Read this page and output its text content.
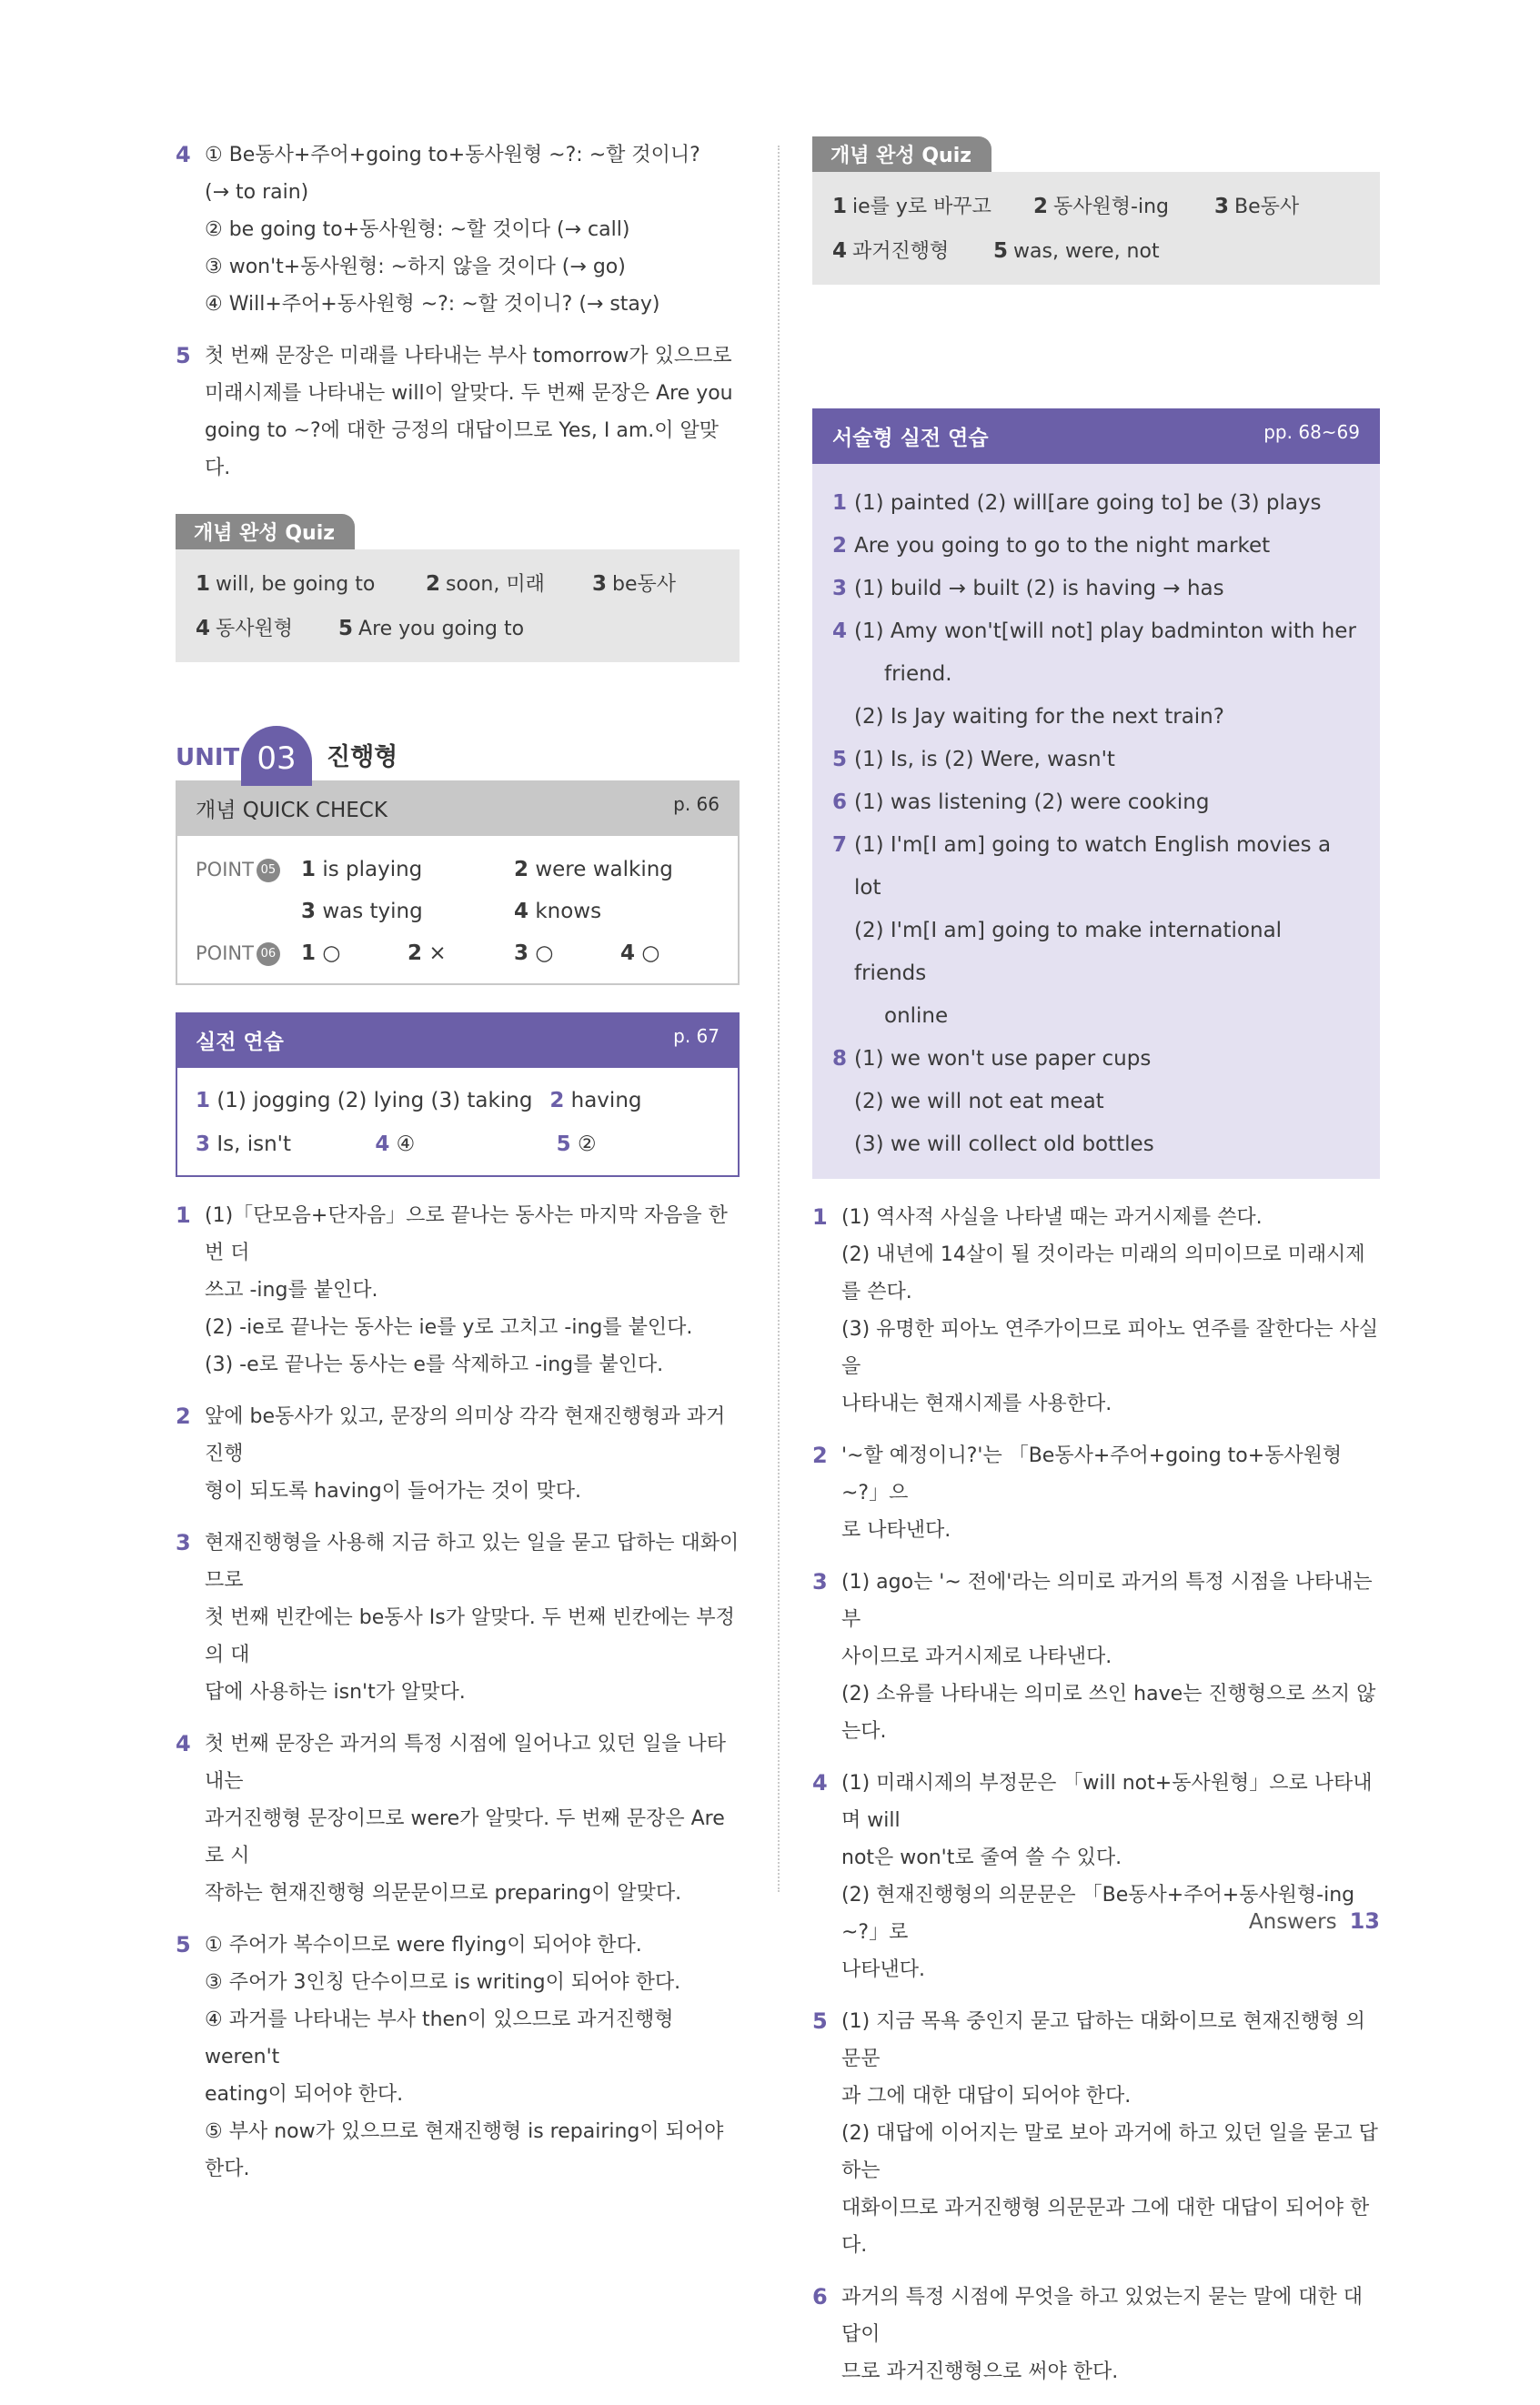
4 ① Be동사+주어+going to+동사원형 ~?: ~할 것이니?
(→ to rain)
② be going to+동사원형: ~할 것이다 (→ call)
③ won't+동사원형: ~하지 않을 것이다 (→ go)
④ Will+주어+동사원형 ~?: ~할 것이니? (→ stay)
5 첫 번째 문장은 미래를 나타내는 부사 tomorrow가 있으므로
미래시제를 나타내는 will이 알맞다. 두 번째 문장은 Are you
going to ~?에 대한 긍정의 대답이므로 Yes, I am.이 알맞다.
개념 완성 Quiz
1 will, be going to 2 soon, 미래 3 be동사
4 동사원형 5 Are you going to
UNIT 03	진행형
개념 QUICK CHECK	p. 66
POINT 05	1 is playing	2 were walking
3 was tying	4 knows
POINT 06	1 ○	2 ×	3 ○	4 ○
실전 연습	p. 67
1 (1) jogging (2) lying (3) taking 2 having
3 Is, isn't	4 ④	5 ②
1 (1)「단모음+단자음」으로 끝나는 동사는 마지막 자음을 한 번 더
쓰고 -ing를 붙인다.
(2) -ie로 끝나는 동사는 ie를 y로 고치고 -ing를 붙인다.
(3) -e로 끝나는 동사는 e를 삭제하고 -ing를 붙인다.
2 앞에 be동사가 있고, 문장의 의미상 각각 현재진행형과 과거진행
형이 되도록 having이 들어가는 것이 맞다.
3 현재진행형을 사용해 지금 하고 있는 일을 묻고 답하는 대화이므로
첫 번째 빈칸에는 be동사 Is가 알맞다. 두 번째 빈칸에는 부정의 대
답에 사용하는 isn't가 알맞다.
4 첫 번째 문장은 과거의 특정 시점에 일어나고 있던 일을 나타내는
과거진행형 문장이므로 were가 알맞다. 두 번째 문장은 Are로 시
작하는 현재진행형 의문문이므로 preparing이 알맞다.
5 ① 주어가 복수이므로 were flying이 되어야 한다.
③ 주어가 3인칭 단수이므로 is writing이 되어야 한다.
④ 과거를 나타내는 부사 then이 있으므로 과거진행형 weren't
eating이 되어야 한다.
⑤ 부사 now가 있으므로 현재진행형 is repairing이 되어야 한다.
개념 완성 Quiz
1 ie를 y로 바꾸고 2 동사원형-ing 3 Be동사
4 과거진행형 5 was, were, not
서술형 실전 연습	pp. 68~69
1 (1) painted (2) will[are going to] be (3) plays
2 Are you going to go to the night market
3 (1) build → built (2) is having → has
4 (1) Amy won't[will not] play badminton with her
friend.
(2) Is Jay waiting for the next train?
5 (1) Is, is (2) Were, wasn't
6 (1) was listening (2) were cooking
7 (1) I'm[I am] going to watch English movies a lot
(2) I'm[I am] going to make international friends
online
8 (1) we won't use paper cups
(2) we will not eat meat
(3) we will collect old bottles
1 (1) 역사적 사실을 나타낼 때는 과거시제를 쓴다.
(2) 내년에 14살이 될 것이라는 미래의 의미이므로 미래시제를 쓴다.
(3) 유명한 피아노 연주가이므로 피아노 연주를 잘한다는 사실을
나타내는 현재시제를 사용한다.
2 '~할 예정이니?'는 「Be동사+주어+going to+동사원형 ~?」으
로 나타낸다.
3 (1) ago는 '~ 전에'라는 의미로 과거의 특정 시점을 나타내는 부
사이므로 과거시제로 나타낸다.
(2) 소유를 나타내는 의미로 쓰인 have는 진행형으로 쓰지 않는다.
4 (1) 미래시제의 부정문은 「will not+동사원형」으로 나타내며 will
not은 won't로 줄여 쓸 수 있다.
(2) 현재진행형의 의문문은 「Be동사+주어+동사원형-ing ~?」로
나타낸다.
5 (1) 지금 목욕 중인지 묻고 답하는 대화이므로 현재진행형 의문문
과 그에 대한 대답이 되어야 한다.
(2) 대답에 이어지는 말로 보아 과거에 하고 있던 일을 묻고 답하는
대화이므로 과거진행형 의문문과 그에 대한 대답이 되어야 한다.
6 과거의 특정 시점에 무엇을 하고 있었는지 묻는 말에 대한 대답이
므로 과거진행형으로 써야 한다.
Answers 13
